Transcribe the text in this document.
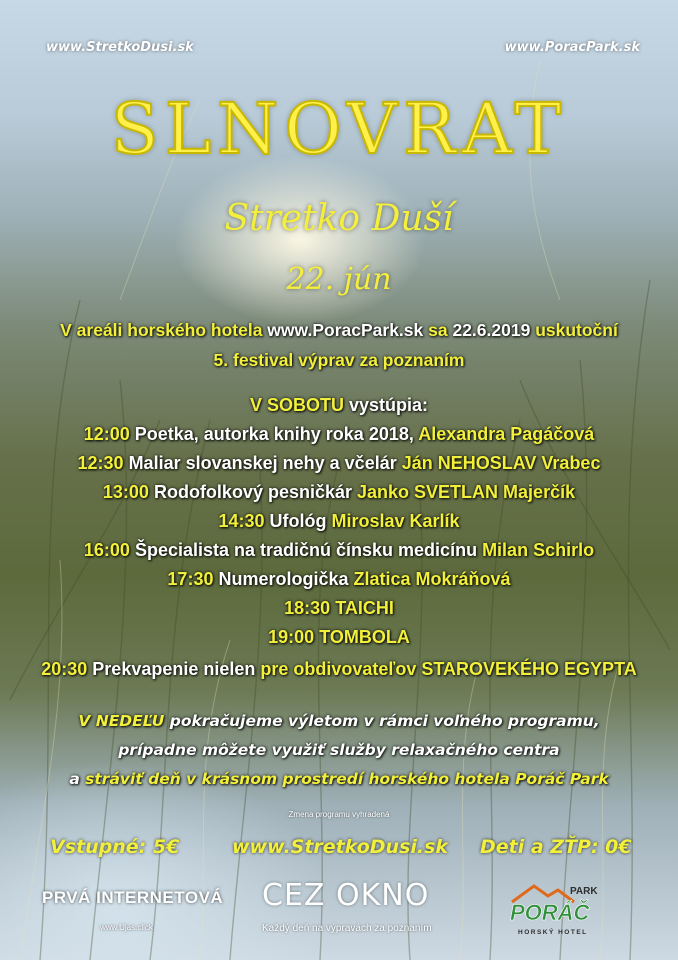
www.StretkoDusi.sk	www.PoracPark.sk
SLNOVRAT
Stretko Duší
22. jún
V areáli horského hotela www.PoracPark.sk sa 22.6.2019 uskutoční
5. festival výprav za poznaním
V SOBOTU vystúpia:
12:00 Poetka, autorka knihy roka 2018, Alexandra Pagáčová
12:30 Maliar slovanskej nehy a včelár Ján NEHOSLAV Vrabec
13:00 Rodofolkový pesničkár Janko SVETLAN Majerčík
14:30 Ufológ Miroslav Karlík
16:00 Špecialista na tradičnú čínsku medicínu Milan Schirlo
17:30 Numerologička Zlatica Mokráňová
18:30 TAICHI
19:00 TOMBOLA
20:30 Prekvapenie nielen pre obdivovateľov STAROVEKÉHO EGYPTA
V NEDEĽU pokračujeme výletom v rámci voľného programu,
prípadne môžete využiť služby relaxačného centra
a stráviť deň v krásnom prostredí horského hotela Poráč Park
Zmena programu vyhradená
Vstupné: 5€	www.StretkoDusi.sk Deti a ZŤP: 0€
PRVÁ INTERNETOVÁ
www.Ujas.click
CEZ OKNO
Každý deň na výpravách za poznaním
PARK
PORÁČ
HORSKÝ HOTEL
